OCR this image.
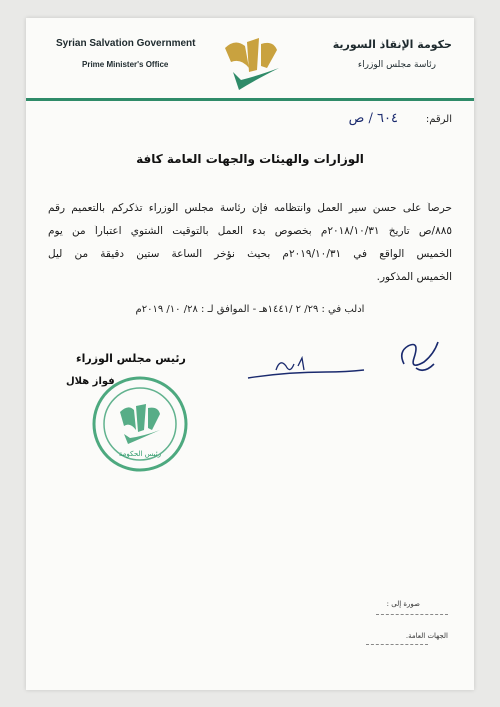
Syrian Salvation Government
Prime Minister's Office
حكومة الإنقاذ السورية
رئاسة مجلس الوزراء
الرقم:
٦٠٤ / ص
الوزارات والهيئات والجهات العامة كافة
حرصاً على حسن سير العمل وانتظامه فإن رئاسة مجلس الوزراء تذكركم بالتعميم رقم
٨٨٥/ص تاريخ ٢٠١٨/١٠/٣١م بخصوص بدء العمل بالتوقيت الشتوي اعتباراً من يوم
الخميس الواقع في ٢٠١٩/١٠/٣١م بحيث نؤخر الساعة ستين دقيقة من ليل
الخميس المذكور.
ادلب في : ٢٩/ ٢ /١٤٤١هـ - الموافق لـ : ٢٨/ ١٠/ ٢٠١٩م
رئيس مجلس الوزراء
رئيس الحكومة
فواز هلال
صورة إلى :
الجهات العامة.
